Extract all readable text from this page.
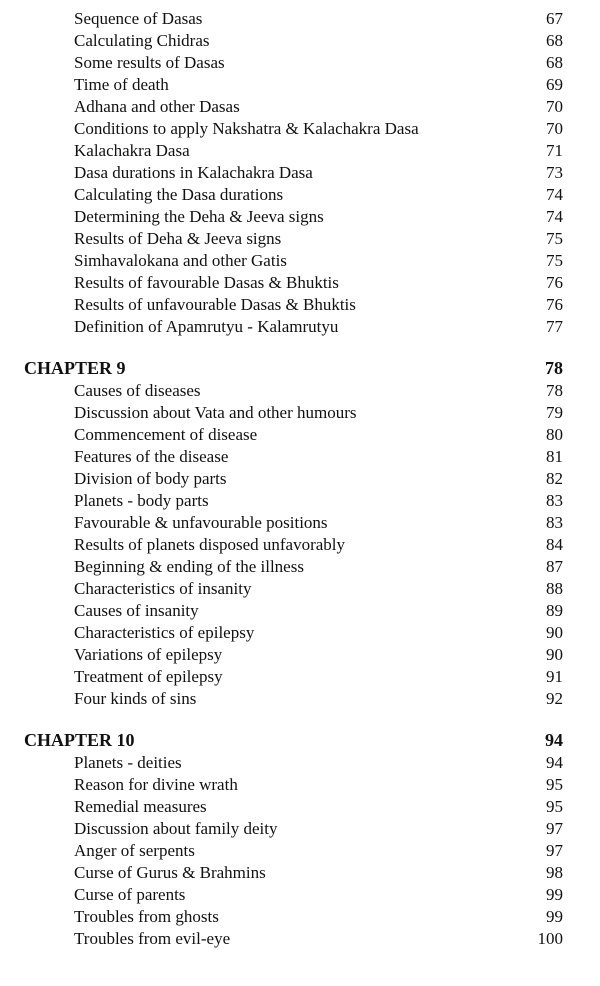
Sequence of Dasas	67
Calculating Chidras	68
Some results of Dasas	68
Time of death	69
Adhana and other Dasas	70
Conditions to apply Nakshatra & Kalachakra Dasa	70
Kalachakra Dasa	71
Dasa durations in Kalachakra Dasa	73
Calculating the Dasa durations	74
Determining the Deha & Jeeva signs	74
Results of Deha & Jeeva signs	75
Simhavalokana and other Gatis	75
Results of favourable Dasas & Bhuktis	76
Results of unfavourable Dasas & Bhuktis	76
Definition of Apamrutyu - Kalamrutyu	77
CHAPTER 9	78
Causes of diseases	78
Discussion about Vata and other humours	79
Commencement of disease	80
Features of the disease	81
Division of body parts	82
Planets - body parts	83
Favourable & unfavourable positions	83
Results of planets disposed unfavorably	84
Beginning & ending of the illness	87
Characteristics of insanity	88
Causes of insanity	89
Characteristics of epilepsy	90
Variations of epilepsy	90
Treatment of epilepsy	91
Four kinds of sins	92
CHAPTER 10	94
Planets - deities	94
Reason for divine wrath	95
Remedial measures	95
Discussion about family deity	97
Anger of serpents	97
Curse of Gurus & Brahmins	98
Curse of parents	99
Troubles from ghosts	99
Troubles from evil-eye	100
